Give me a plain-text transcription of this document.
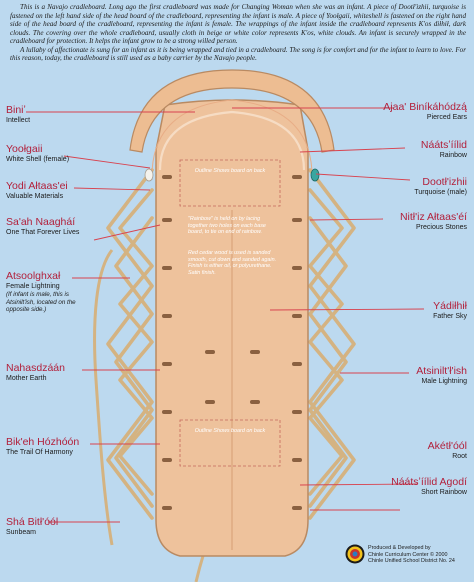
This is a Navajo cradleboard. Long ago the first cradleboard was made for Changing Woman when she was an infant. A piece of Dootł'izhii, turquoise is fastened on the left hand side of the head board of the cradleboard, representing the infant is male. A piece of Yoołgaii, whiteshell is fastened on the right hand side of the head board of the cradleboard, representing the infant is female. The wrappings of the infant inside the cradleboard represents K'os diłhił, dark clouds. The covering over the whole cradleboard, usually cloth in beige or white color represents K'os, white clouds. An infant is securely wrapped in the cradleboard for protection. It helps the infant grow to be a strong willed person.

A lullaby of affectionate is sung for an infant as it is being wrapped and tied in a cradleboard. The song is for comfort and for the infant to learn to love. For this reason, today, the cradleboard is still used as a baby carrier by the Navajo people.

Biniʼ
Intellect
Yoołgaii
White Shell (female)
Yodi Ałtaas'ei
Valuable Materials
Sa'ah Naagháí
One That Forever Lives
Atsoolghxał
Female Lightning
(If infant is male, this is Atsinilt'ish, located on the opposite side.)
Nahasdzáán
Mother Earth
Bik'eh Hózhóón
The Trail Of Harmony
Shá Bitł'óól
Sunbeam
Ajaa' Biníkáhódzą́
Pierced Ears
Náátsʼíílid
Rainbow
Dootł'izhii
Turquoise (male)
Nitł'iz Ałtaas'éí
Precious Stones
Yádiłhił
Father Sky
Atsinilt'ł'ish
Male Lightning
Akétł'óól
Root
Náátsʼíílid Agodí
Short Rainbow
Outline Shows board on back
"Rainbow" is held on by lacing together two holes on each base board, to tie on end of rainbow.
Red cedar wood is used is sanded smooth, cut down and sanded again. Finish is either oil, or polyurethane. Satin finish.
Outline Shows board on back
Produced & Developed by
Chinle Curriculum Center © 2000
Chinle Unified School District No. 24
